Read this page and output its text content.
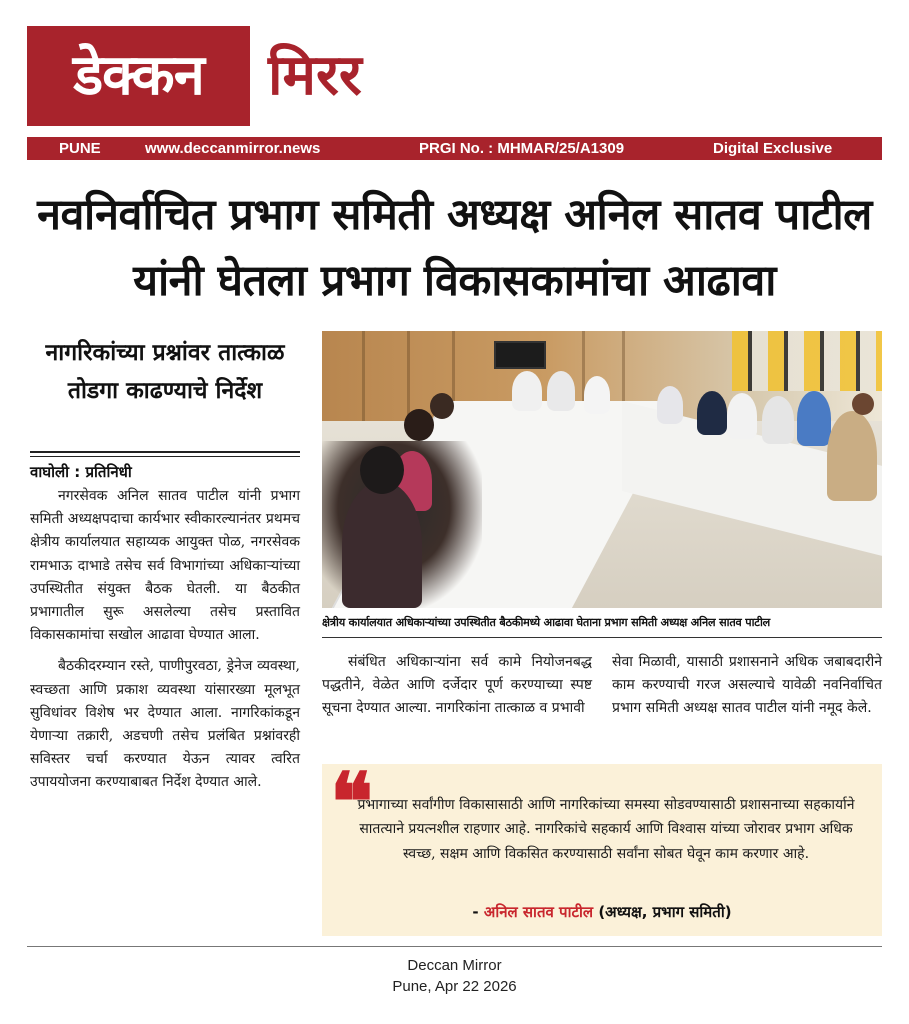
डेक्कन	मिरर
PUNE	www.deccanmirror.news	PRGI No. : MHMAR/25/A1309	Digital Exclusive
नवनिर्वाचित प्रभाग समिती अध्यक्ष अनिल सातव पाटील यांनी घेतला प्रभाग विकासकामांचा आढावा
नागरिकांच्या प्रश्नांवर तात्काळ तोडगा काढण्याचे निर्देश
वाघोली : प्रतिनिधी

नगरसेवक अनिल सातव पाटील यांनी प्रभाग समिती अध्यक्षपदाचा कार्यभार स्वीकारल्यानंतर प्रथमच क्षेत्रीय कार्यालयात सहाय्यक आयुक्त पोळ, नगरसेवक रामभाऊ दाभाडे तसेच सर्व विभागांच्या अधिकाऱ्यांच्या उपस्थितीत संयुक्त बैठक घेतली. या बैठकीत प्रभागातील सुरू असलेल्या तसेच प्रस्तावित विकासकामांचा सखोल आढावा घेण्यात आला.

बैठकीदरम्यान रस्ते, पाणीपुरवठा, ड्रेनेज व्यवस्था, स्वच्छता आणि प्रकाश व्यवस्था यांसारख्या मूलभूत सुविधांवर विशेष भर देण्यात आला. नागरिकांकडून येणाऱ्या तक्रारी, अडचणी तसेच प्रलंबित प्रश्नांवरही सविस्तर चर्चा करण्यात येऊन त्यावर त्वरित उपाययोजना करण्याबाबत निर्देश देण्यात आले.

क्षेत्रीय कार्यालयात अधिकाऱ्यांच्या उपस्थितीत बैठकीमध्ये आढावा घेताना प्रभाग समिती अध्यक्ष अनिल सातव पाटील

संबंधित अधिकाऱ्यांना सर्व कामे नियोजनबद्ध पद्धतीने, वेळेत आणि दर्जेदार पूर्ण करण्याच्या स्पष्ट सूचना देण्यात आल्या. नागरिकांना तात्काळ व प्रभावी

सेवा मिळावी, यासाठी प्रशासनाने अधिक जबाबदारीने काम करण्याची गरज असल्याचे यावेळी नवनिर्वाचित प्रभाग समिती अध्यक्ष सातव पाटील यांनी नमूद केले.

❝
प्रभागाच्या सर्वांगीण विकासासाठी आणि नागरिकांच्या समस्या सोडवण्यासाठी प्रशासनाच्या सहकार्याने सातत्याने प्रयत्नशील राहणार आहे. नागरिकांचे सहकार्य आणि विश्वास यांच्या जोरावर प्रभाग अधिक स्वच्छ, सक्षम आणि विकसित करण्यासाठी सर्वांना सोबत घेवून काम करणार आहे.
- अनिल सातव पाटील (अध्यक्ष, प्रभाग समिती)
Deccan Mirror
Pune, Apr 22 2026
